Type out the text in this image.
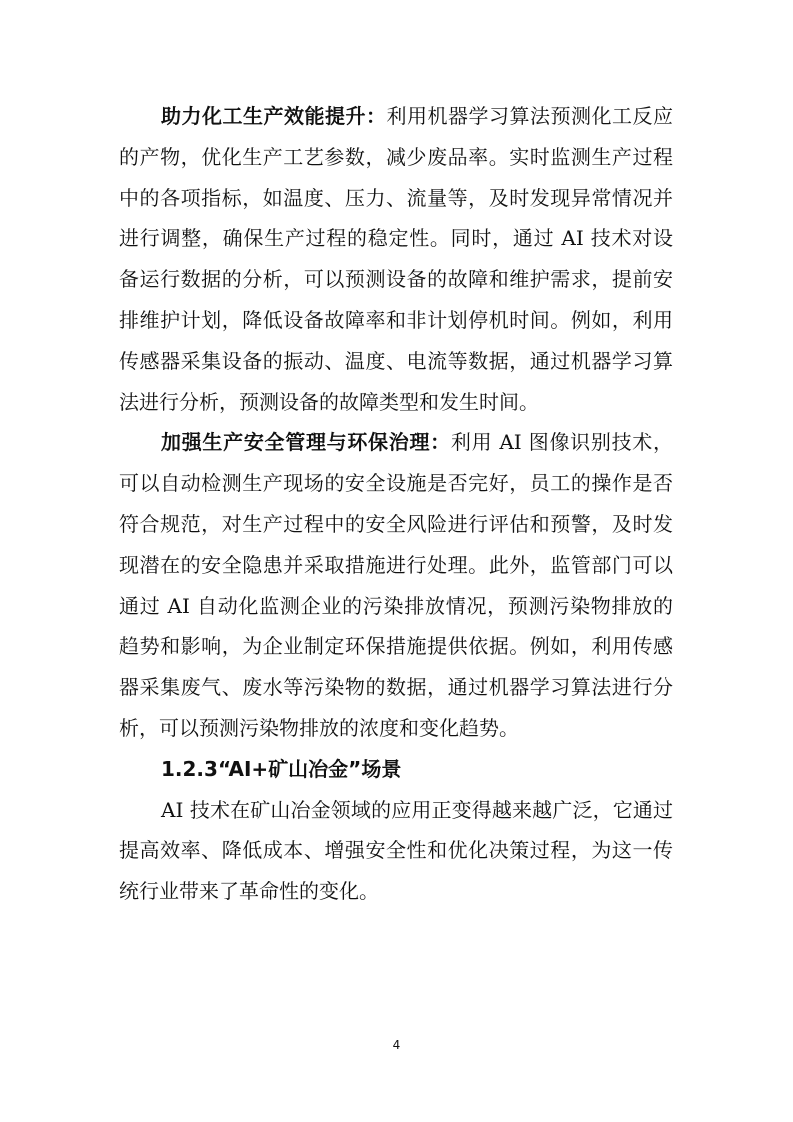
助力化工生产效能提升：利用机器学习算法预测化工反应的产物，优化生产工艺参数，减少废品率。实时监测生产过程中的各项指标，如温度、压力、流量等，及时发现异常情况并进行调整，确保生产过程的稳定性。同时，通过 AI 技术对设备运行数据的分析，可以预测设备的故障和维护需求，提前安排维护计划，降低设备故障率和非计划停机时间。例如，利用传感器采集设备的振动、温度、电流等数据，通过机器学习算法进行分析，预测设备的故障类型和发生时间。

加强生产安全管理与环保治理：利用 AI 图像识别技术，可以自动检测生产现场的安全设施是否完好，员工的操作是否符合规范，对生产过程中的安全风险进行评估和预警，及时发现潜在的安全隐患并采取措施进行处理。此外，监管部门可以通过 AI 自动化监测企业的污染排放情况，预测污染物排放的趋势和影响，为企业制定环保措施提供依据。例如，利用传感器采集废气、废水等污染物的数据，通过机器学习算法进行分析，可以预测污染物排放的浓度和变化趋势。

1.2.3“AI+矿山冶金”场景

AI 技术在矿山冶金领域的应用正变得越来越广泛，它通过提高效率、降低成本、增强安全性和优化决策过程，为这一传统行业带来了革命性的变化。

4
